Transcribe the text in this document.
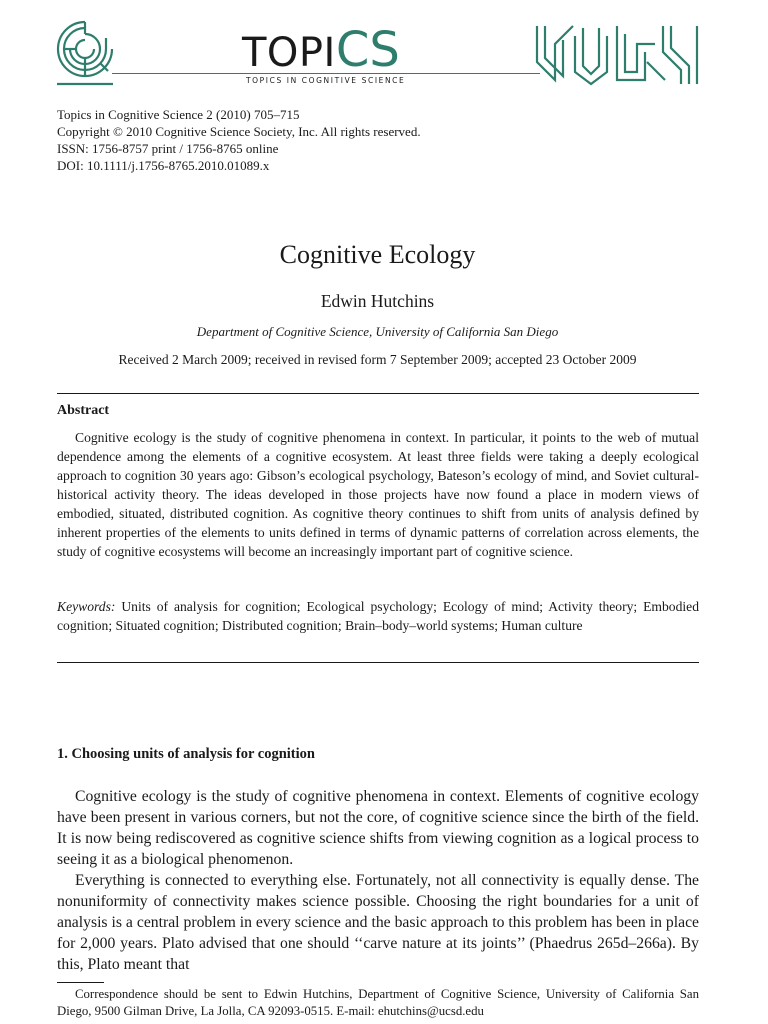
TOPICS
TOPICS IN COGNITIVE SCIENCE
Topics in Cognitive Science 2 (2010) 705–715
Copyright © 2010 Cognitive Science Society, Inc. All rights reserved.
ISSN: 1756-8757 print / 1756-8765 online
DOI: 10.1111/j.1756-8765.2010.01089.x
Cognitive Ecology
Edwin Hutchins
Department of Cognitive Science, University of California San Diego
Received 2 March 2009; received in revised form 7 September 2009; accepted 23 October 2009
Abstract

Cognitive ecology is the study of cognitive phenomena in context. In particular, it points to the web of mutual dependence among the elements of a cognitive ecosystem. At least three fields were taking a deeply ecological approach to cognition 30 years ago: Gibson’s ecological psychology, Bateson’s ecology of mind, and Soviet cultural-historical activity theory. The ideas developed in those projects have now found a place in modern views of embodied, situated, distributed cognition. As cognitive theory continues to shift from units of analysis defined by inherent properties of the elements to units defined in terms of dynamic patterns of correlation across elements, the study of cognitive ecosystems will become an increasingly important part of cognitive science.

Keywords: Units of analysis for cognition; Ecological psychology; Ecology of mind; Activity theory; Embodied cognition; Situated cognition; Distributed cognition; Brain–body–world systems; Human culture
1. Choosing units of analysis for cognition

Cognitive ecology is the study of cognitive phenomena in context. Elements of cognitive ecology have been present in various corners, but not the core, of cognitive science since the birth of the field. It is now being rediscovered as cognitive science shifts from viewing cognition as a logical process to seeing it as a biological phenomenon.

Everything is connected to everything else. Fortunately, not all connectivity is equally dense. The nonuniformity of connectivity makes science possible. Choosing the right boundaries for a unit of analysis is a central problem in every science and the basic approach to this problem has been in place for 2,000 years. Plato advised that one should ‘‘carve nature at its joints’’ (Phaedrus 265d–266a). By this, Plato meant that

Correspondence should be sent to Edwin Hutchins, Department of Cognitive Science, University of California San Diego, 9500 Gilman Drive, La Jolla, CA 92093-0515. E-mail: ehutchins@ucsd.edu
